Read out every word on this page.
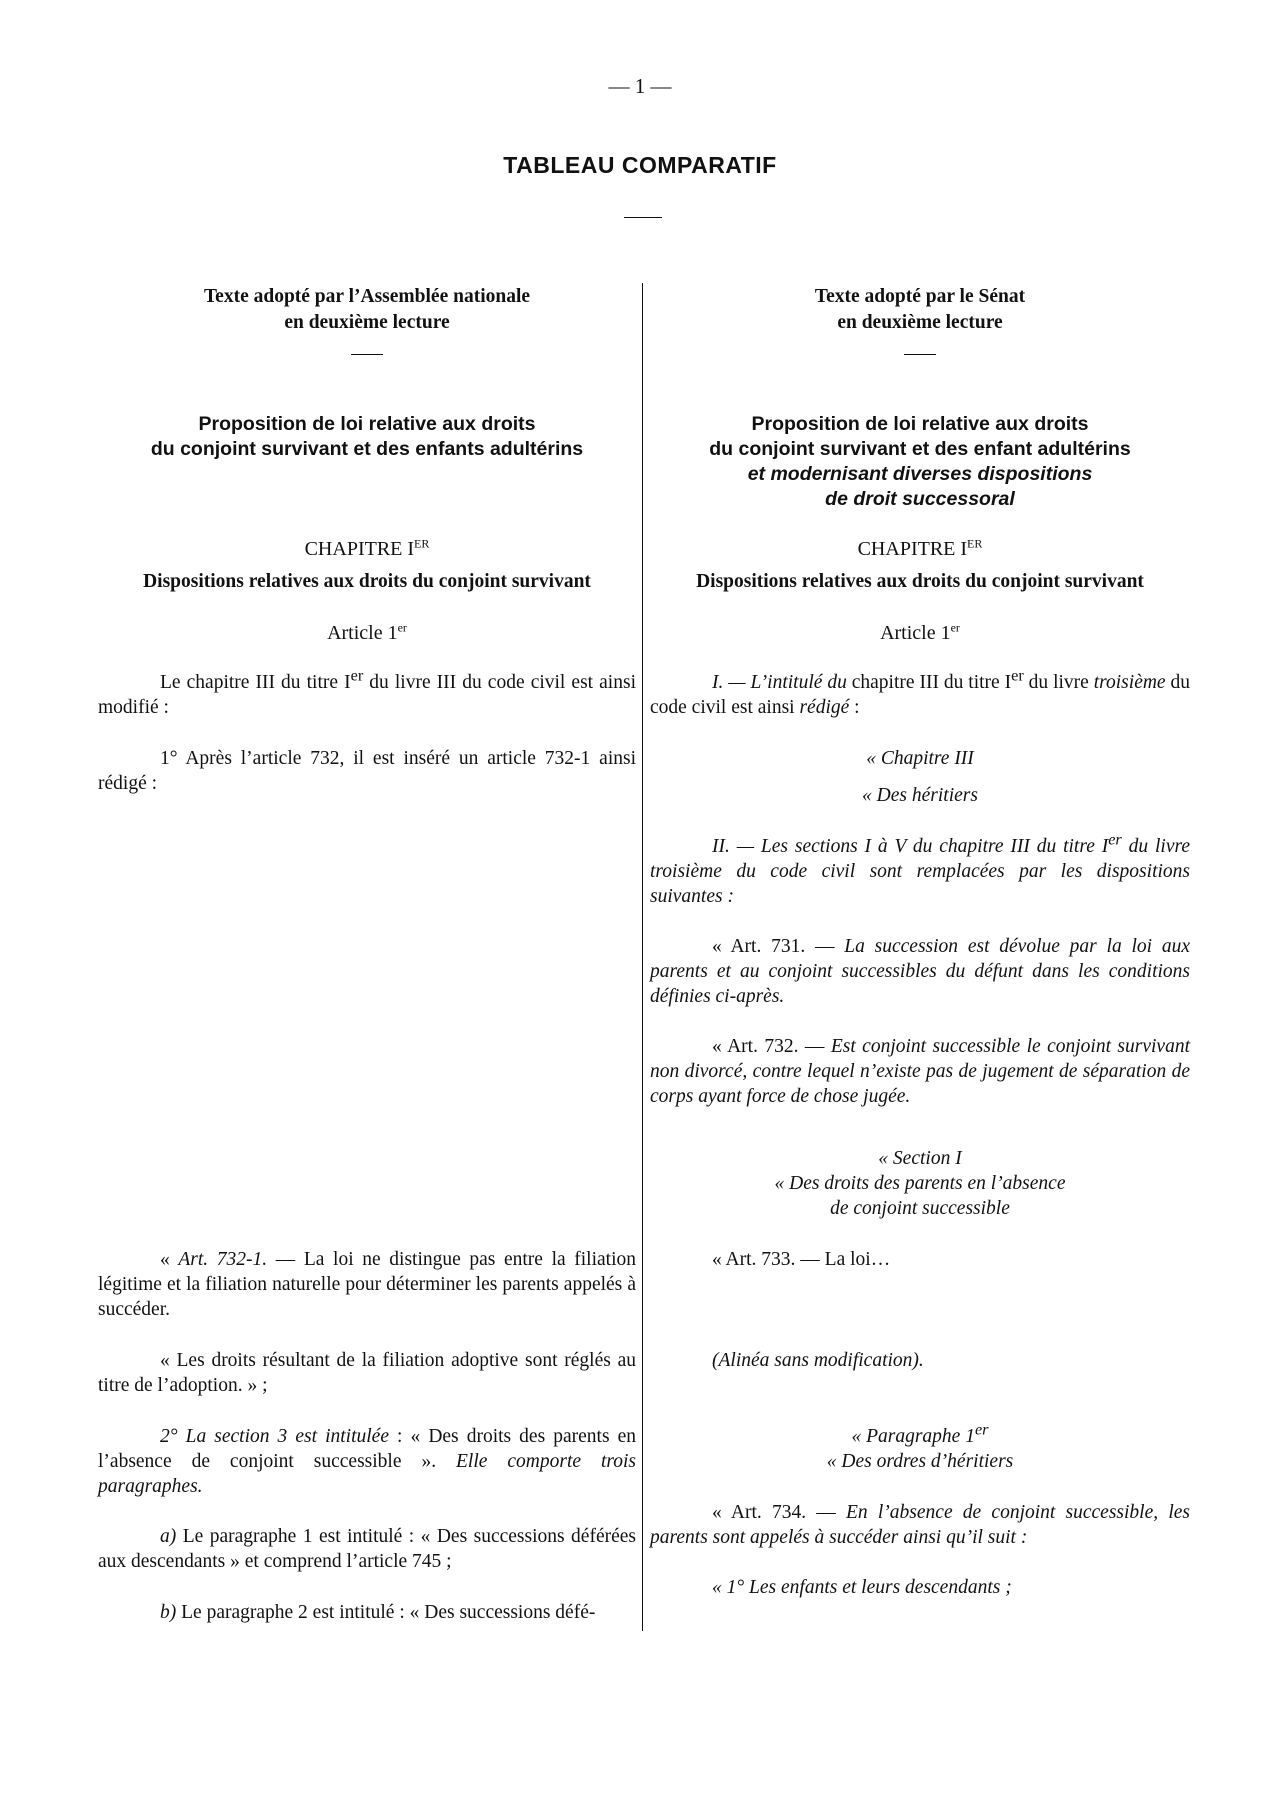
— 1 —
TABLEAU COMPARATIF
Texte adopté par l’Assemblée nationale
en deuxième lecture
Proposition de loi relative aux droits
du conjoint survivant et des enfants adultérins
CHAPITRE IER
Dispositions relatives aux droits du conjoint survivant
Article 1er
Le chapitre III du titre Ier du livre III du code civil est ainsi modifié :
1° Après l’article 732, il est inséré un article 732-1 ainsi rédigé :
« Art. 732-1. — La loi ne distingue pas entre la filiation légitime et la filiation naturelle pour déterminer les parents appelés à succéder.
« Les droits résultant de la filiation adoptive sont réglés au titre de l’adoption. » ;
2° La section 3 est intitulée : « Des droits des parents en l’absence de conjoint successible ». Elle comporte trois paragraphes.
a) Le paragraphe 1 est intitulé : « Des successions déférées aux descendants » et comprend l’article 745 ;
b) Le paragraphe 2 est intitulé : « Des successions défé-
Texte adopté par le Sénat
en deuxième lecture
Proposition de loi relative aux droits
du conjoint survivant et des enfant adultérins
et modernisant diverses dispositions
de droit successoral
CHAPITRE IER
Dispositions relatives aux droits du conjoint survivant
Article 1er
I. — L’intitulé du chapitre III du titre Ier du livre troisième du code civil est ainsi rédigé :
« Chapitre III
« Des héritiers
II. — Les sections I à V du chapitre III du titre Ier du livre troisième du code civil sont remplacées par les dispositions suivantes :
« Art. 731. — La succession est dévolue par la loi aux parents et au conjoint successibles du défunt dans les conditions définies ci-après.
« Art. 732. — Est conjoint successible le conjoint survivant non divorcé, contre lequel n’existe pas de jugement de séparation de corps ayant force de chose jugée.
« Section I
« Des droits des parents en l’absence
de conjoint successible
« Art. 733. — La loi…
(Alinéa sans modification).
« Paragraphe 1er
« Des ordres d’héritiers
« Art. 734. — En l’absence de conjoint successible, les parents sont appelés à succéder ainsi qu’il suit :
« 1° Les enfants et leurs descendants ;
